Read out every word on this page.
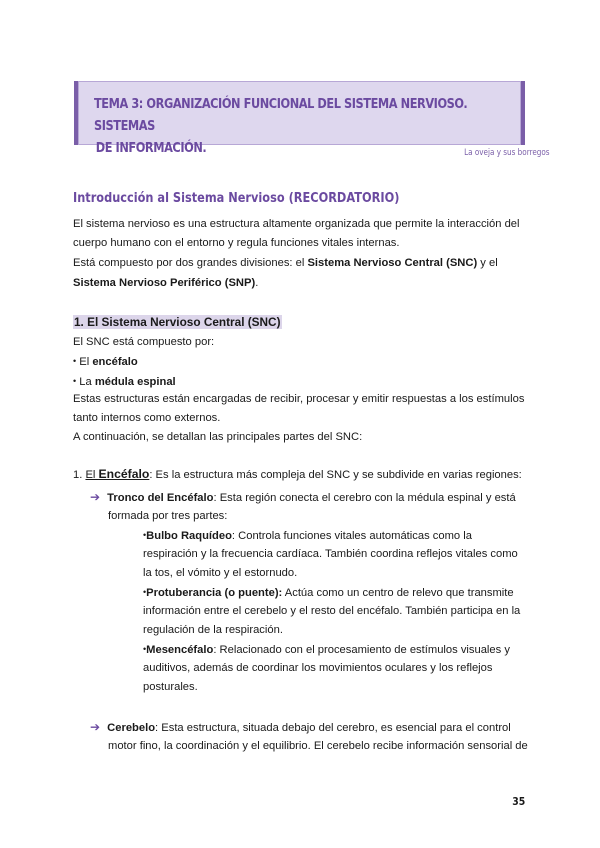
TEMA 3: ORGANIZACIÓN FUNCIONAL DEL SISTEMA NERVIOSO. SISTEMAS
DE INFORMACIÓN.	La oveja y sus borregos
Introducción al Sistema Nervioso (RECORDATORIO)
El sistema nervioso es una estructura altamente organizada que permite la interacción del
cuerpo humano con el entorno y regula funciones vitales internas.
Está compuesto por dos grandes divisiones: el Sistema Nervioso Central (SNC) y el
Sistema Nervioso Periférico (SNP).
1. El Sistema Nervioso Central (SNC)
El SNC está compuesto por:
• El encéfalo
• La médula espinal
Estas estructuras están encargadas de recibir, procesar y emitir respuestas a los estímulos
tanto internos como externos.
A continuación, se detallan las principales partes del SNC:
1. El Encéfalo: Es la estructura más compleja del SNC y se subdivide en varias regiones:
➔ Tronco del Encéfalo: Esta región conecta el cerebro con la médula espinal y está
formada por tres partes:
•Bulbo Raquídeo: Controla funciones vitales automáticas como la
respiración y la frecuencia cardíaca. También coordina reflejos vitales como
la tos, el vómito y el estornudo.
•Protuberancia (o puente): Actúa como un centro de relevo que transmite
información entre el cerebelo y el resto del encéfalo. También participa en la
regulación de la respiración.
•Mesencéfalo: Relacionado con el procesamiento de estímulos visuales y
auditivos, además de coordinar los movimientos oculares y los reflejos
posturales.
➔ Cerebelo: Esta estructura, situada debajo del cerebro, es esencial para el control
motor fino, la coordinación y el equilibrio. El cerebelo recibe información sensorial de
35
